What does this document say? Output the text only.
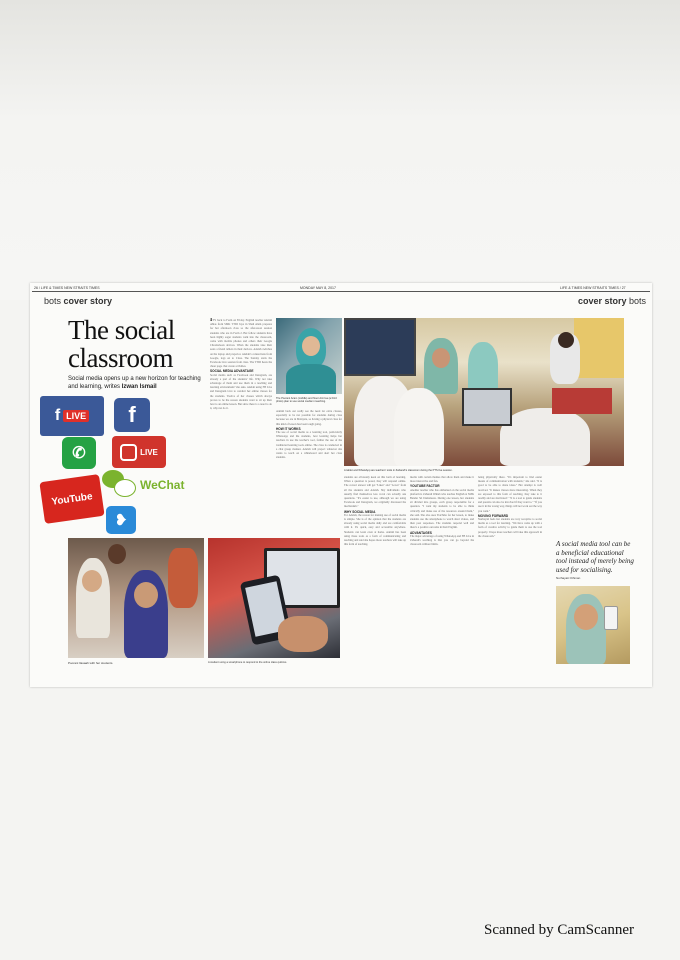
26 / LIFE & TIMES NEW STRAITS TIMES	MONDAY MAY 8, 2017	LIFE & TIMES NEW STRAITS TIMES / 27
bots cover story
The social
classroom
Social media opens up a new horizon for teaching and learning, writes Izwan Ismail
f LIVE f
✆	LIVE
YouTube
WeChat
❥
The Poorani Azam (middle) and Noor Aini Isa (a third photo) plan to use social media in teaching.
IT'S back to Form on Friday. English teacher Adelah Ahlas from SMK TTDI Jaya in Shah Alam prepares for her afternoon class so the after-noon session students who are in Form 2. Her fellow students have been highly eager students walk into the classroom, come with mobile phones and others their Google Chromebook devices. When the students take their seats a friend tablets in their devices. Adelah switches on the laptop and projector. Adelah's connections from Google, logs on to Class. The Sunday starts the Facebook Live session from class. The TTDI hears the cheer page chat create activities.
SOCIAL MEDIA ADVANTAGE
Social media such as Facebook and Instagram, are already a part of the students' life. Why not take advantage of them and use them in a teaching and learning environment? she asks. Adelah using FB Live and Instagram Live to conduct her online classes for the students. Twelve of her classes which always proves to be the reason students want to sit up their best to an online lesson. But since there is a need to do it, why not do it.
Adelah back out really see the need for extra classes, especially to be not possible for students during class because we are in Malaysia, so having a physical class for this kind of lesson has been tough going.
HOW IT WORKS
The use of social media as a learning tool, particularly WhatsApp and the students, best learning helps her teachers in use the teacher's tool, farther the use of the traditional learning tools online. The class is conducted in a chat group manner. Adelah will project whatever she wants to teach on a whiteboard and alert her class students.
Poorani Ilasaah with her students.	A student using a smartphone to respond to the online class quizzes.
cover story bots
A tablet and WhatsApp are teachers' tools in Zaharah's classroom during the PTS live session.
students are obviously keen on this form of learning. When a question is posed, they will respond online. The correct answer will get "Likes" and "Loves" from all the students and Adelah. Shy individuals who usually find themselves less vocal can actually ask questions. "It's easier to use, although we are using Facebook and Instagram, we originally discussed the mechanism."
WHY SOCIAL MEDIA
For Adelah, the reason for making use of social media is simple. She is of the opinion that the students are already using social media daily and are comfortable with it. It's quick, easy and accessible anywhere. Students can learn even at home. Adelah has been using these tools as a form of communicating and teaching and said she hopes more teachers will take up this form of teaching.
media with certain themes that allow them and make it more interactive and fun.
YOUTUBE FACTOR
Another teacher who has embarked on the social media platform is Zaharah Wahab who teaches English at SMK Bandar Sri Damansara. During one lesson, her students sit divided into groups, each group responsible for a question. "I want my students to be able to think critically and make use of the resources around them," she said. She also uses YouTube for her lesson, to make students use the smartphone to watch short videos, and then post responses. The students respond well and there's a positive outcome in their English.
ADVANTAGES
The major advantage of using WhatsApp and FB Live in Zaharah's teaching is that you can go beyond the classroom without limits.
being physically there. "It's important to find easier means of communication with students," she said. "It is good to be able to share ideas." Her attempt is well received. "It makes classes more interesting. When they are exposed to this form of teaching, they take to it readily and are motivated." "It is a tool to guide students and parents can also be involved if they want to." "If you use it in the wrong way, things will not work out the way you want."
MOVING FORWARD
Nurhayati feels her students are very receptive to social media as a tool for learning. "We have come up with a form of creative activity to guide them to use the tool properly. I hope more teachers will take this approach in the classroom."
A social media tool can be a beneficial educational tool instead of merely being used for socialising.
Nurhayati Othman
Scanned by CamScanner
